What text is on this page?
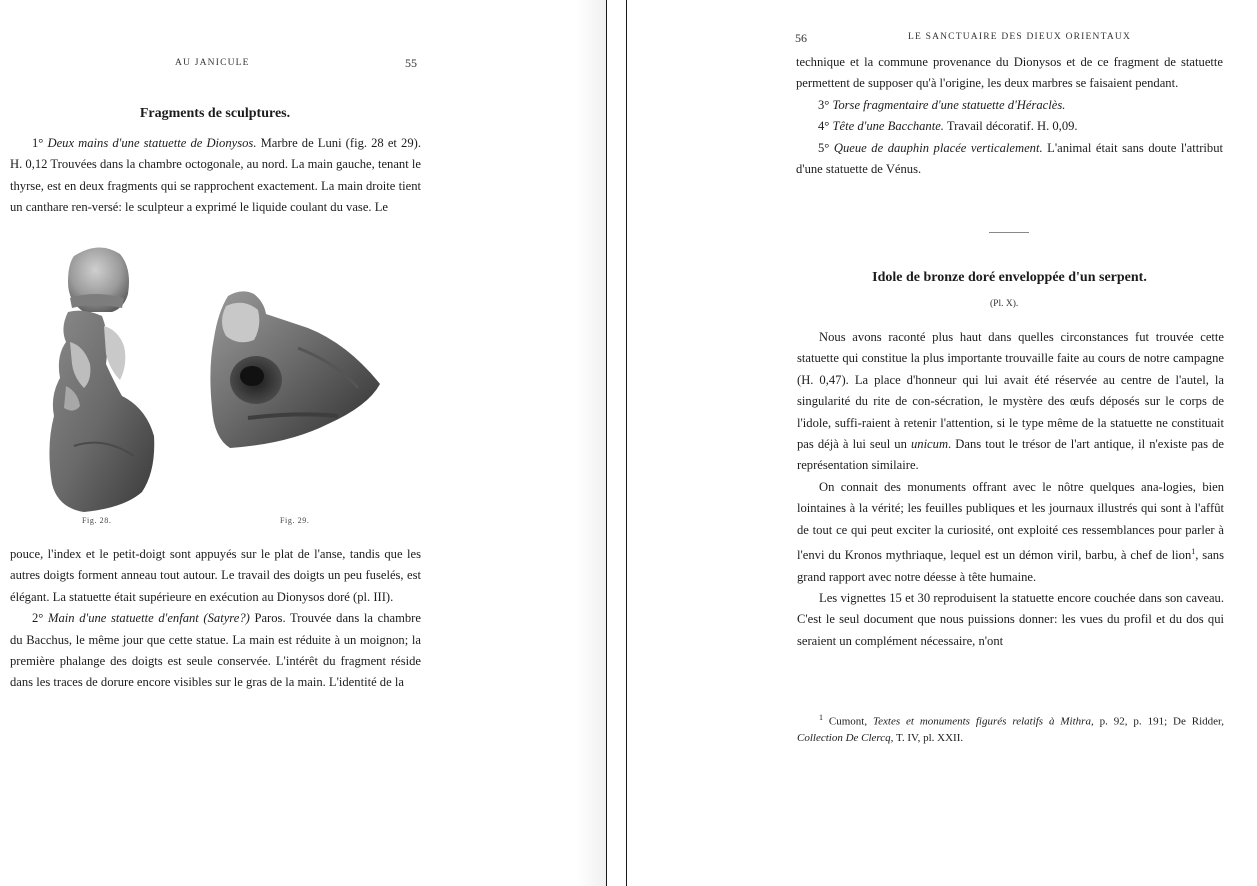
AU JANICULE	55
Fragments de sculptures.

1° Deux mains d'une statuette de Dionysos. Marbre de Luni (fig. 28 et 29). H. 0,12 Trouvées dans la chambre octogonale, au nord. La main gauche, tenant le thyrse, est en deux fragments qui se rapprochent exactement. La main droite tient un canthare ren-versé: le sculpteur a exprimé le liquide coulant du vase. Le

Fig. 28.	Fig. 29.

pouce, l'index et le petit-doigt sont appuyés sur le plat de l'anse, tandis que les autres doigts forment anneau tout autour. Le travail des doigts un peu fuselés, est élégant. La statuette était supérieure en exécution au Dionysos doré (pl. III).

2° Main d'une statuette d'enfant (Satyre?) Paros. Trouvée dans la chambre du Bacchus, le même jour que cette statue. La main est réduite à un moignon; la première phalange des doigts est seule conservée. L'intérêt du fragment réside dans les traces de dorure encore visibles sur le gras de la main. L'identité de la

56	LE SANCTUAIRE DES DIEUX ORIENTAUX

technique et la commune provenance du Dionysos et de ce fragment de statuette permettent de supposer qu'à l'origine, les deux marbres se faisaient pendant.

3° Torse fragmentaire d'une statuette d'Héraclès.

4° Tête d'une Bacchante. Travail décoratif. H. 0,09.

5° Queue de dauphin placée verticalement. L'animal était sans doute l'attribut d'une statuette de Vénus.

Idole de bronze doré enveloppée d'un serpent.
(Pl. X).

Nous avons raconté plus haut dans quelles circonstances fut trouvée cette statuette qui constitue la plus importante trouvaille faite au cours de notre campagne (H. 0,47). La place d'honneur qui lui avait été réservée au centre de l'autel, la singularité du rite de con-sécration, le mystère des œufs déposés sur le corps de l'idole, suffi-raient à retenir l'attention, si le type même de la statuette ne constituait pas déjà à lui seul un unicum. Dans tout le trésor de l'art antique, il n'existe pas de représentation similaire.

On connait des monuments offrant avec le nôtre quelques ana-logies, bien lointaines à la vérité; les feuilles publiques et les journaux illustrés qui sont à l'affût de tout ce qui peut exciter la curiosité, ont exploité ces ressemblances pour parler à l'envi du Kronos mythriaque, lequel est un démon viril, barbu, à chef de lion$^1$, sans grand rapport avec notre déesse à tête humaine.

Les vignettes 15 et 30 reproduisent la statuette encore couchée dans son caveau. C'est le seul document que nous puissions donner: les vues du profil et du dos qui seraient un complément nécessaire, n'ont

$^1$ Cumont, Textes et monuments figurés relatifs à Mithra, p. 92, p. 191; De Ridder, Collection De Clercq, T. IV, pl. XXII.
